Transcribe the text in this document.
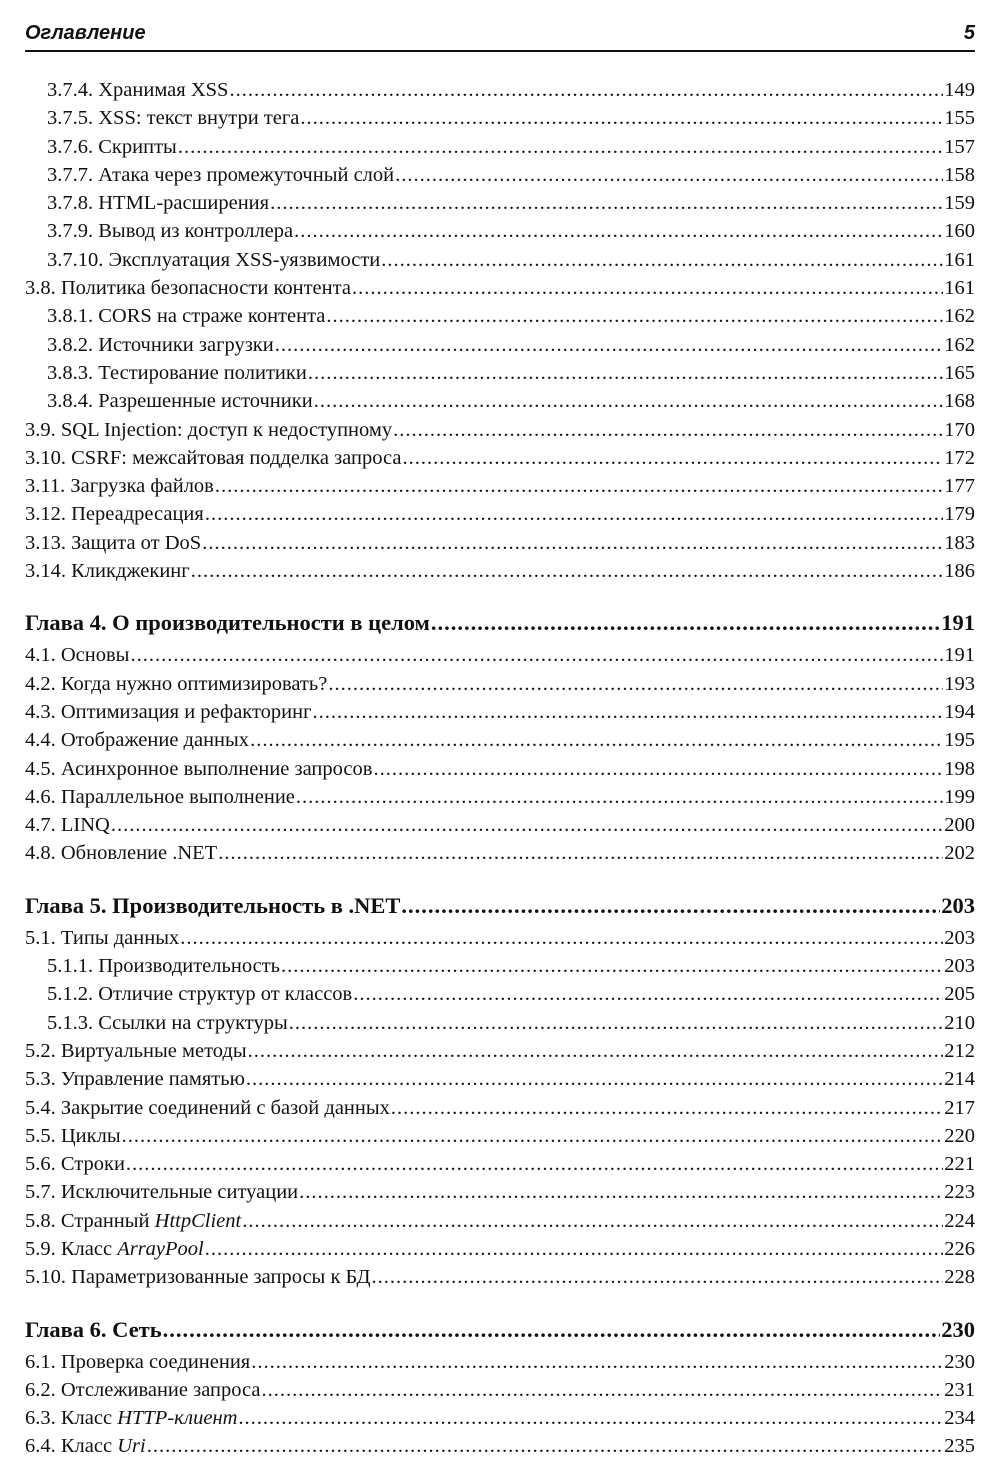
Оглавление	5
3.7.4. Хранимая XSS .....	149
3.7.5. XSS: текст внутри тега .....	155
3.7.6. Скрипты .....	157
3.7.7. Атака через промежуточный слой .....	158
3.7.8. HTML-расширения .....	159
3.7.9. Вывод из контроллера .....	160
3.7.10. Эксплуатация XSS-уязвимости .....	161
3.8. Политика безопасности контента .....	161
3.8.1. CORS на страже контента .....	162
3.8.2. Источники загрузки .....	162
3.8.3. Тестирование политики .....	165
3.8.4. Разрешенные источники .....	168
3.9. SQL Injection: доступ к недоступному .....	170
3.10. CSRF: межсайтовая подделка запроса .....	172
3.11. Загрузка файлов .....	177
3.12. Переадресация .....	179
3.13. Защита от DoS .....	183
3.14. Кликджекинг .....	186
Глава 4. О производительности в целом .....	191
4.1. Основы .....	191
4.2. Когда нужно оптимизировать? .....	193
4.3. Оптимизация и рефакторинг .....	194
4.4. Отображение данных .....	195
4.5. Асинхронное выполнение запросов .....	198
4.6. Параллельное выполнение .....	199
4.7. LINQ .....	200
4.8. Обновление .NET .....	202
Глава 5. Производительность в .NET .....	203
5.1. Типы данных .....	203
5.1.1. Производительность .....	203
5.1.2. Отличие структур от классов .....	205
5.1.3. Ссылки на структуры .....	210
5.2. Виртуальные методы .....	212
5.3. Управление памятью .....	214
5.4. Закрытие соединений с базой данных .....	217
5.5. Циклы .....	220
5.6. Строки .....	221
5.7. Исключительные ситуации .....	223
5.8. Странный HttpClient .....	224
5.9. Класс ArrayPool .....	226
5.10. Параметризованные запросы к БД .....	228
Глава 6. Сеть .....	230
6.1. Проверка соединения .....	230
6.2. Отслеживание запроса .....	231
6.3. Класс HTTP-клиент .....	234
6.4. Класс Uri .....	235
